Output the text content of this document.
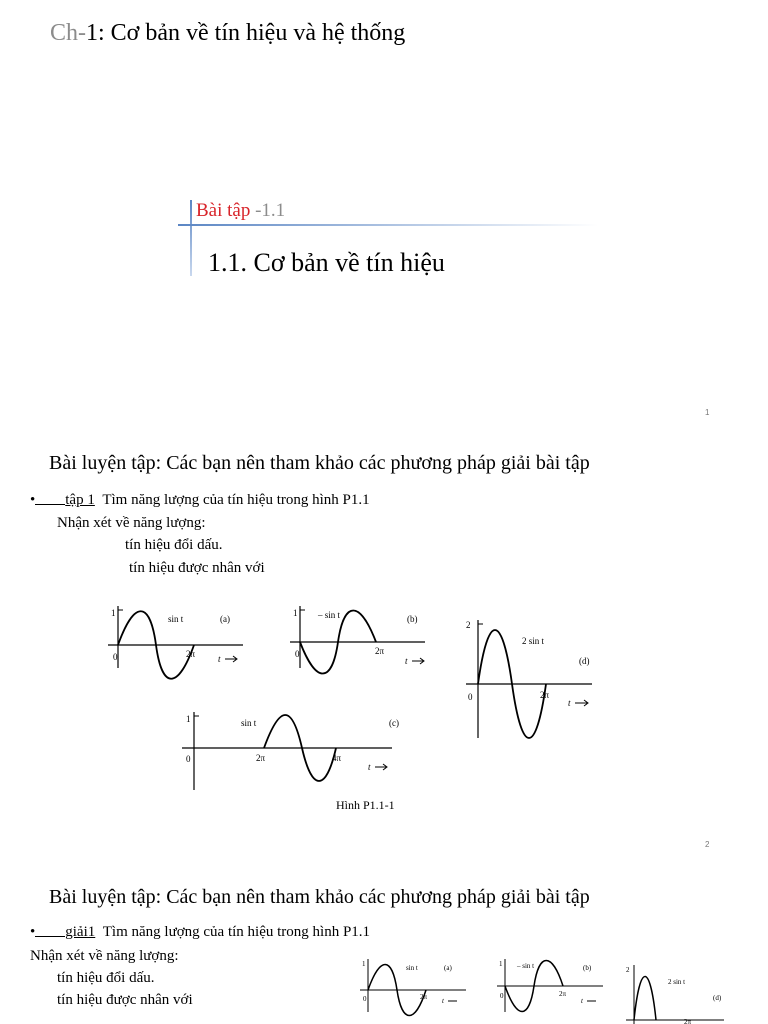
Ch-1: Cơ bản về tín hiệu và hệ thống
Bài tập -1.1
1.1. Cơ bản về tín hiệu
1
Bài luyện tập: Các bạn nên tham khảo các phương pháp giải bài tập
• tập 1 Tìm năng lượng của tín hiệu trong hình P1.1
Nhận xét về năng lượng:
tín hiệu đổi dấu.
tín hiệu được nhân với
1
0
sin t	(a)
2π	t
1
0
– sin t	(b)
2π
t
2
0
2 sin t
(d)
2π
t
1
0
sin t	(c)
2π	4π
t
Hình P1.1-1
2
Bài luyện tập: Các bạn nên tham khảo các phương pháp giải bài tập
• giải1 Tìm năng lượng của tín hiệu trong hình P1.1
Nhận xét về năng lượng:
tín hiệu đổi dấu.
tín hiệu được nhân với
1
0
sin t	(a)
2π t
1
0
– sin t	(b)
2π
t
2
2 sin t
(d)
2π
